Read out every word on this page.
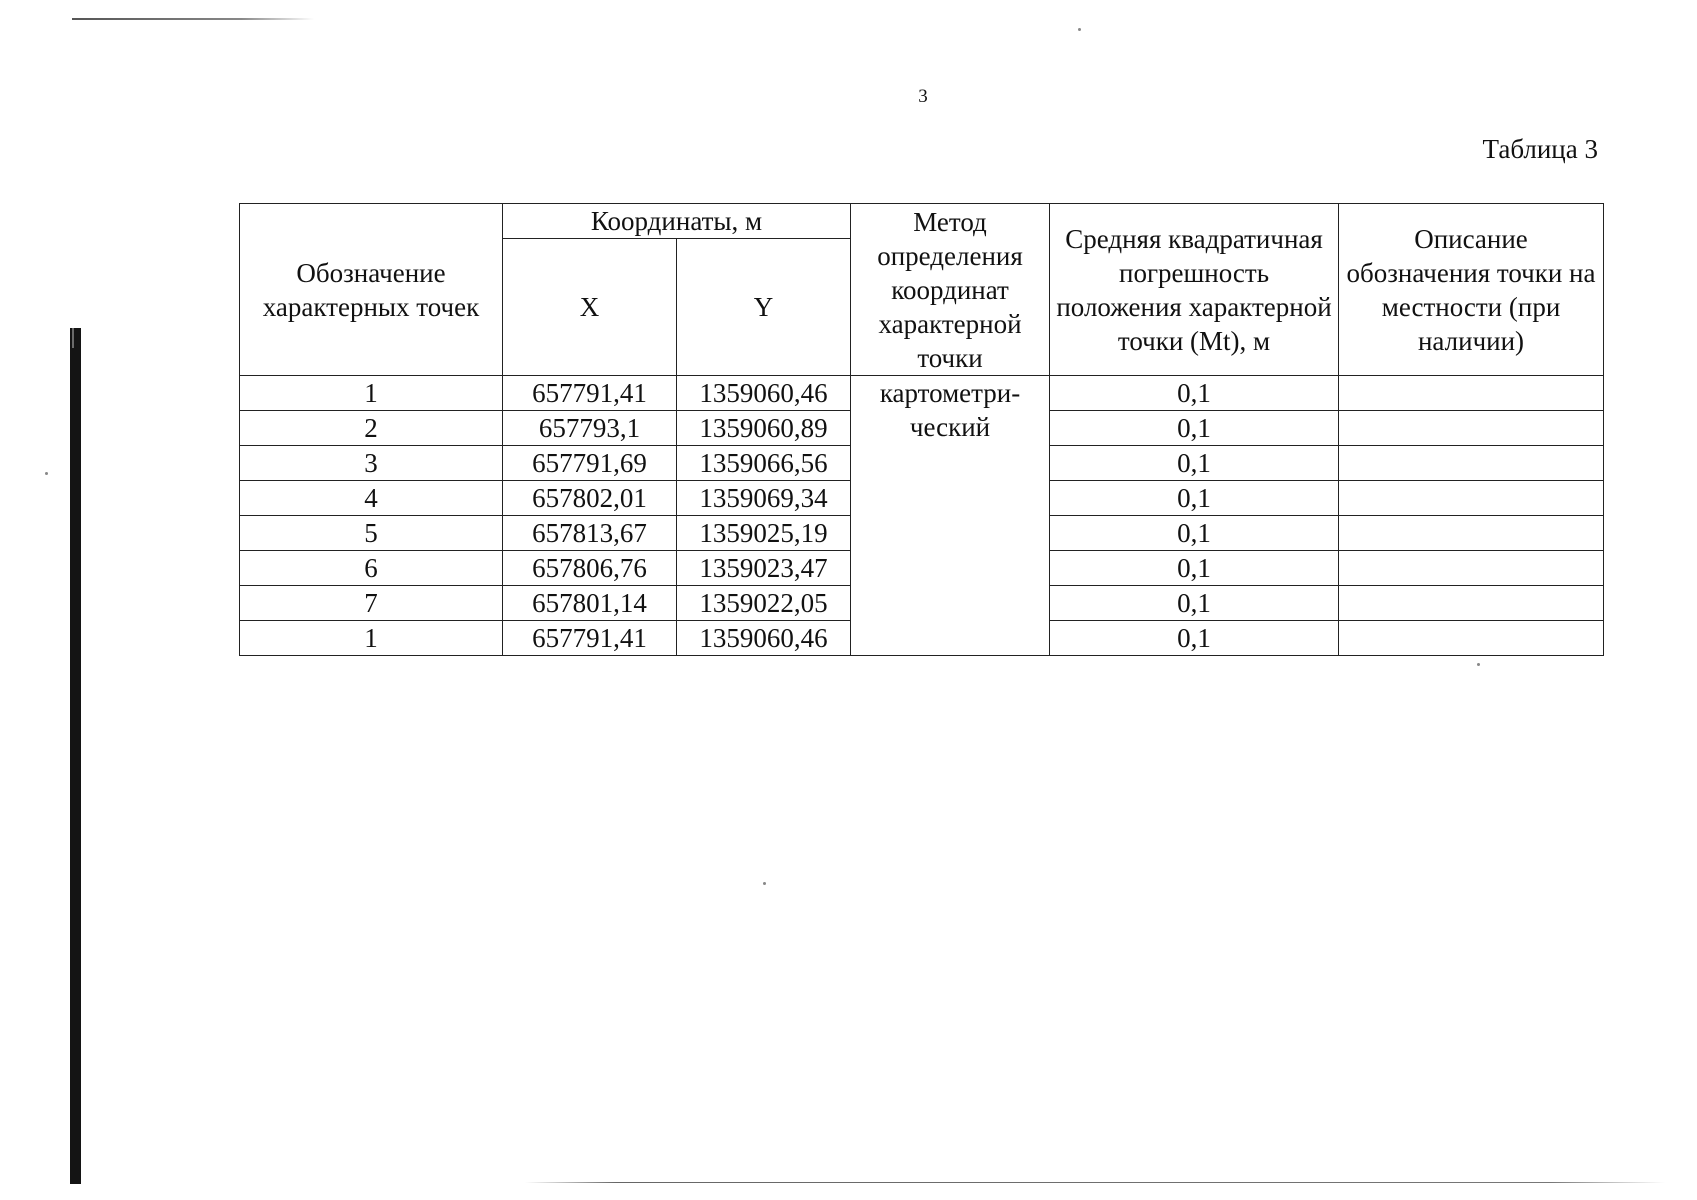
3
Таблица 3
Обозначение характерных точек	Координаты, м		Метод определения координат характерной точки	Средняя квадратичная погрешность положения характерной точки (Mt), м	Описание обозначения точки на местности (при наличии)
	X	Y			
1	657791,41	1359060,46	картометри-ческий	0,1	
2	657793,1	1359060,89		0,1	
3	657791,69	1359066,56		0,1	
4	657802,01	1359069,34		0,1	
5	657813,67	1359025,19		0,1	
6	657806,76	1359023,47		0,1	
7	657801,14	1359022,05		0,1	
1	657791,41	1359060,46		0,1	
